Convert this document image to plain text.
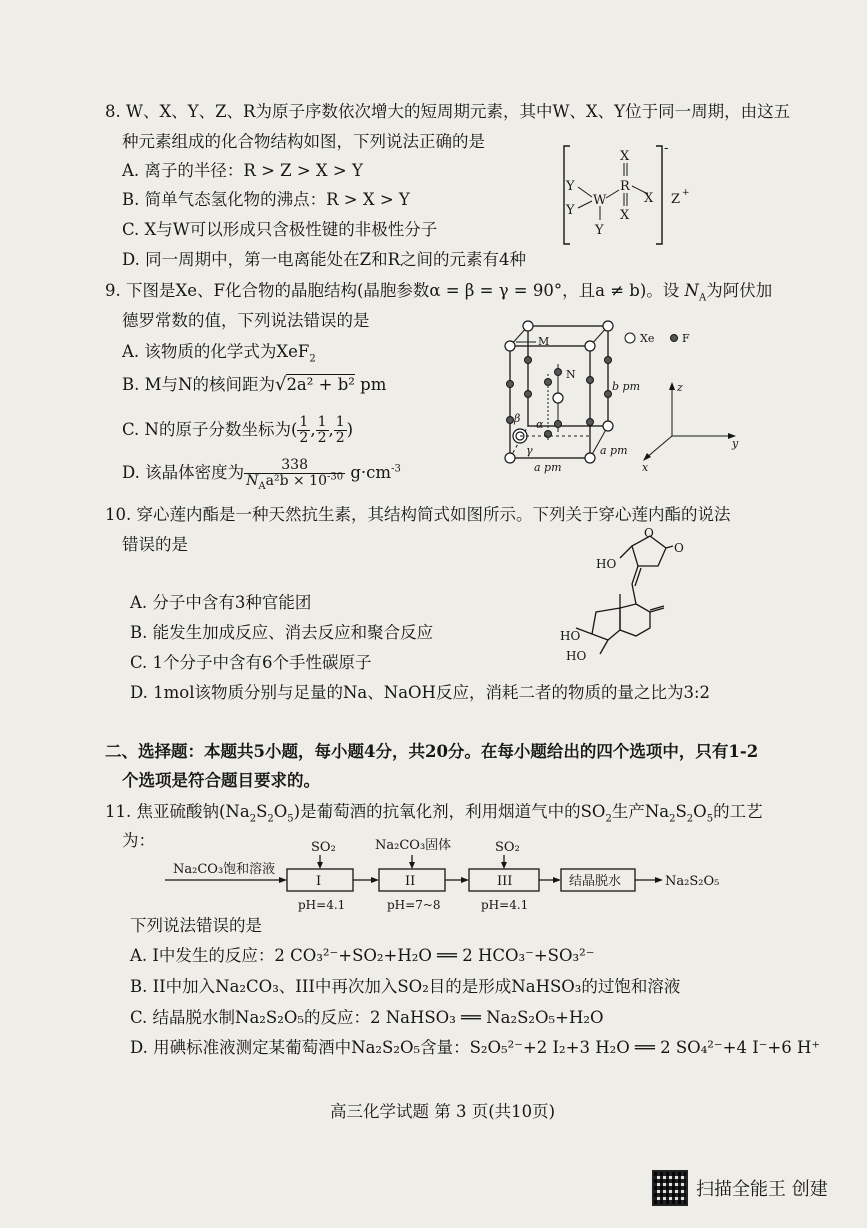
8. W、X、Y、Z、R为原子序数依次增大的短周期元素，其中W、X、Y位于同一周期，由这五
种元素组成的化合物结构如图，下列说法正确的是
A. 离子的半径：R > Z > X > Y
B. 简单气态氢化物的沸点：R > X > Y
C. X与W可以形成只含极性键的非极性分子
D. 同一周期中，第一电离能处在Z和R之间的元素有4种
-
X
R
X
X
W
Y
Y
Y
Z +
9. 下图是Xe、F化合物的晶胞结构(晶胞参数α = β = γ = 90°，且a ≠ b)。设 $N_A$为阿伏加
德罗常数的值，下列说法错误的是
A. 该物质的化学式为XeF$_2$
B. M与N的核间距为√2a² + b² pm
C. N的原子分数坐标为( $\frac{1}{2}$ , $\frac{1}{2}$ , $\frac{1}{2}$ )
D. 该晶体密度为 $\frac{338}{N_Aa^2b \times 10^{-30}} g\cdot cm^{-3}$
M
N
b pm
a pm
a pm
α
β
γ
Xe	F
z
y
x
10. 穿心莲内酯是一种天然抗生素，其结构简式如图所示。下列关于穿心莲内酯的说法
错误的是
A. 分子中含有3种官能团
B. 能发生加成反应、消去反应和聚合反应
C. 1个分子中含有6个手性碳原子
D. 1mol该物质分别与足量的Na、NaOH反应，消耗二者的物质的量之比为3:2
O
O
HO
HO
HO
二、选择题：本题共5小题，每小题4分，共20分。在每小题给出的四个选项中，只有1-2
个选项是符合题目要求的。
11. 焦亚硫酸钠$(Na_2S_2O_5)$是葡萄酒的抗氧化剂，利用烟道气中的$SO_2$生产$Na_2S_2O_5$的工艺
为：
Na₂CO₃饱和溶液
SO₂	Na₂CO₃固体	SO₂
I	II	III	结晶脱水	Na₂S₂O₅
pH=4.1	pH=7~8	pH=4.1
下列说法错误的是
A. I中发生的反应：2 CO₃²⁻+SO₂+H₂O ══ 2 HCO₃⁻+SO₃²⁻
B. II中加入Na₂CO₃、III中再次加入SO₂目的是形成NaHSO₃的过饱和溶液
C. 结晶脱水制Na₂S₂O₅的反应：2 NaHSO₃ ══ Na₂S₂O₅+H₂O
D. 用碘标准液测定某葡萄酒中Na₂S₂O₅含量：S₂O₅²⁻+2 I₂+3 H₂O ══ 2 SO₄²⁻+4 I⁻+6 H⁺
高三化学试题 第 3 页(共10页)
扫描全能王 创建
